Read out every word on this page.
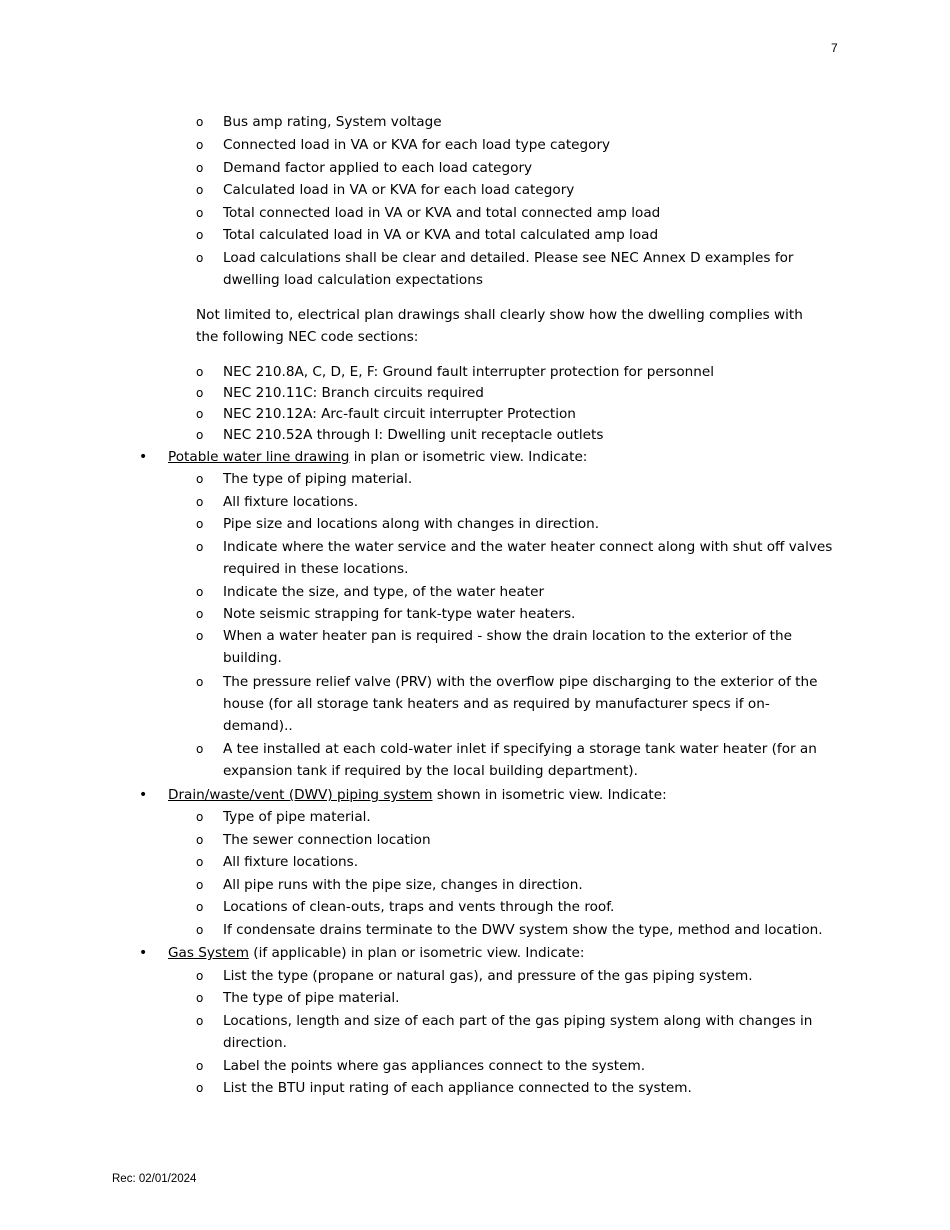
7
o Bus amp rating, System voltage
o Connected load in VA or KVA for each load type category
o Demand factor applied to each load category
o Calculated load in VA or KVA for each load category
o Total connected load in VA or KVA and total connected amp load
o Total calculated load in VA or KVA and total calculated amp load
o Load calculations shall be clear and detailed. Please see NEC Annex D examples for dwelling load calculation expectations
Not limited to, electrical plan drawings shall clearly show how the dwelling complies with the following NEC code sections:
o NEC 210.8A, C, D, E, F: Ground fault interrupter protection for personnel
o NEC 210.11C: Branch circuits required
o NEC 210.12A: Arc-fault circuit interrupter Protection
o NEC 210.52A through I: Dwelling unit receptacle outlets
• Potable water line drawing in plan or isometric view. Indicate:
o The type of piping material.
o All fixture locations.
o Pipe size and locations along with changes in direction.
o Indicate where the water service and the water heater connect along with shut off valves required in these locations.
o Indicate the size, and type, of the water heater
o Note seismic strapping for tank-type water heaters.
o When a water heater pan is required - show the drain location to the exterior of the building.
o The pressure relief valve (PRV) with the overflow pipe discharging to the exterior of the house (for all storage tank heaters and as required by manufacturer specs if on-demand)..
o A tee installed at each cold-water inlet if specifying a storage tank water heater (for an expansion tank if required by the local building department).
• Drain/waste/vent (DWV) piping system shown in isometric view. Indicate:
o Type of pipe material.
o The sewer connection location
o All fixture locations.
o All pipe runs with the pipe size, changes in direction.
o Locations of clean-outs, traps and vents through the roof.
o If condensate drains terminate to the DWV system show the type, method and location.
• Gas System (if applicable) in plan or isometric view. Indicate:
o List the type (propane or natural gas), and pressure of the gas piping system.
o The type of pipe material.
o Locations, length and size of each part of the gas piping system along with changes in direction.
o Label the points where gas appliances connect to the system.
o List the BTU input rating of each appliance connected to the system.
Rec: 02/01/2024
